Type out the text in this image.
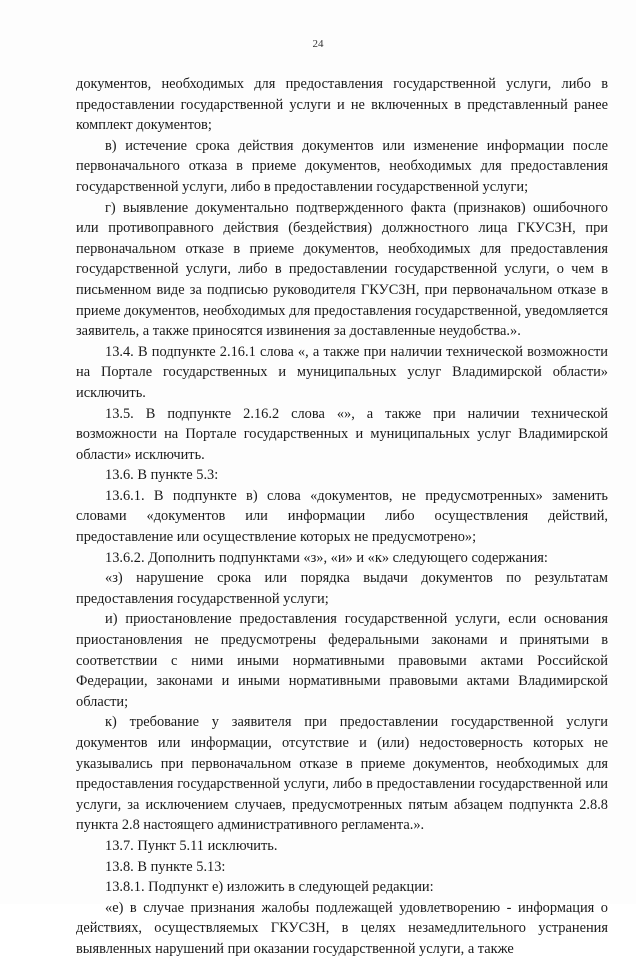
24

документов, необходимых для предоставления государственной услуги, либо в предоставлении государственной услуги и не включенных в представленный ранее комплект документов;

в) истечение срока действия документов или изменение информации после первоначального отказа в приеме документов, необходимых для предоставления государственной услуги, либо в предоставлении государственной услуги;

г) выявление документально подтвержденного факта (признаков) ошибочного или противоправного действия (бездействия) должностного лица ГКУСЗН, при первоначальном отказе в приеме документов, необходимых для предоставления государственной услуги, либо в предоставлении государственной услуги, о чем в письменном виде за подписью руководителя ГКУСЗН, при первоначальном отказе в приеме документов, необходимых для предоставления государственной, уведомляется заявитель, а также приносятся извинения за доставленные неудобства.».

13.4. В подпункте 2.16.1 слова «, а также при наличии технической возможности на Портале государственных и муниципальных услуг Владимирской области» исключить.

13.5. В подпункте 2.16.2 слова «», а также при наличии технической возможности на Портале государственных и муниципальных услуг Владимирской области» исключить.

13.6. В пункте 5.3:

13.6.1. В подпункте в) слова «документов, не предусмотренных» заменить словами «документов или информации либо осуществления действий, предоставление или осуществление которых не предусмотрено»;

13.6.2. Дополнить подпунктами «з», «и» и «к» следующего содержания:

«з) нарушение срока или порядка выдачи документов по результатам предоставления государственной услуги;

и) приостановление предоставления государственной услуги, если основания приостановления не предусмотрены федеральными законами и принятыми в соответствии с ними иными нормативными правовыми актами Российской Федерации, законами и иными нормативными правовыми актами Владимирской области;

к) требование у заявителя при предоставлении государственной услуги документов или информации, отсутствие и (или) недостоверность которых не указывались при первоначальном отказе в приеме документов, необходимых для предоставления государственной услуги, либо в предоставлении государственной или услуги, за исключением случаев, предусмотренных пятым абзацем подпункта 2.8.8 пункта 2.8 настоящего административного регламента.».

13.7. Пункт 5.11 исключить.

13.8. В пункте 5.13:

13.8.1. Подпункт е) изложить в следующей редакции:

«е) в случае признания жалобы подлежащей удовлетворению - информация о действиях, осуществляемых ГКУСЗН, в целях незамедлительного устранения выявленных нарушений при оказании государственной услуги, а также
